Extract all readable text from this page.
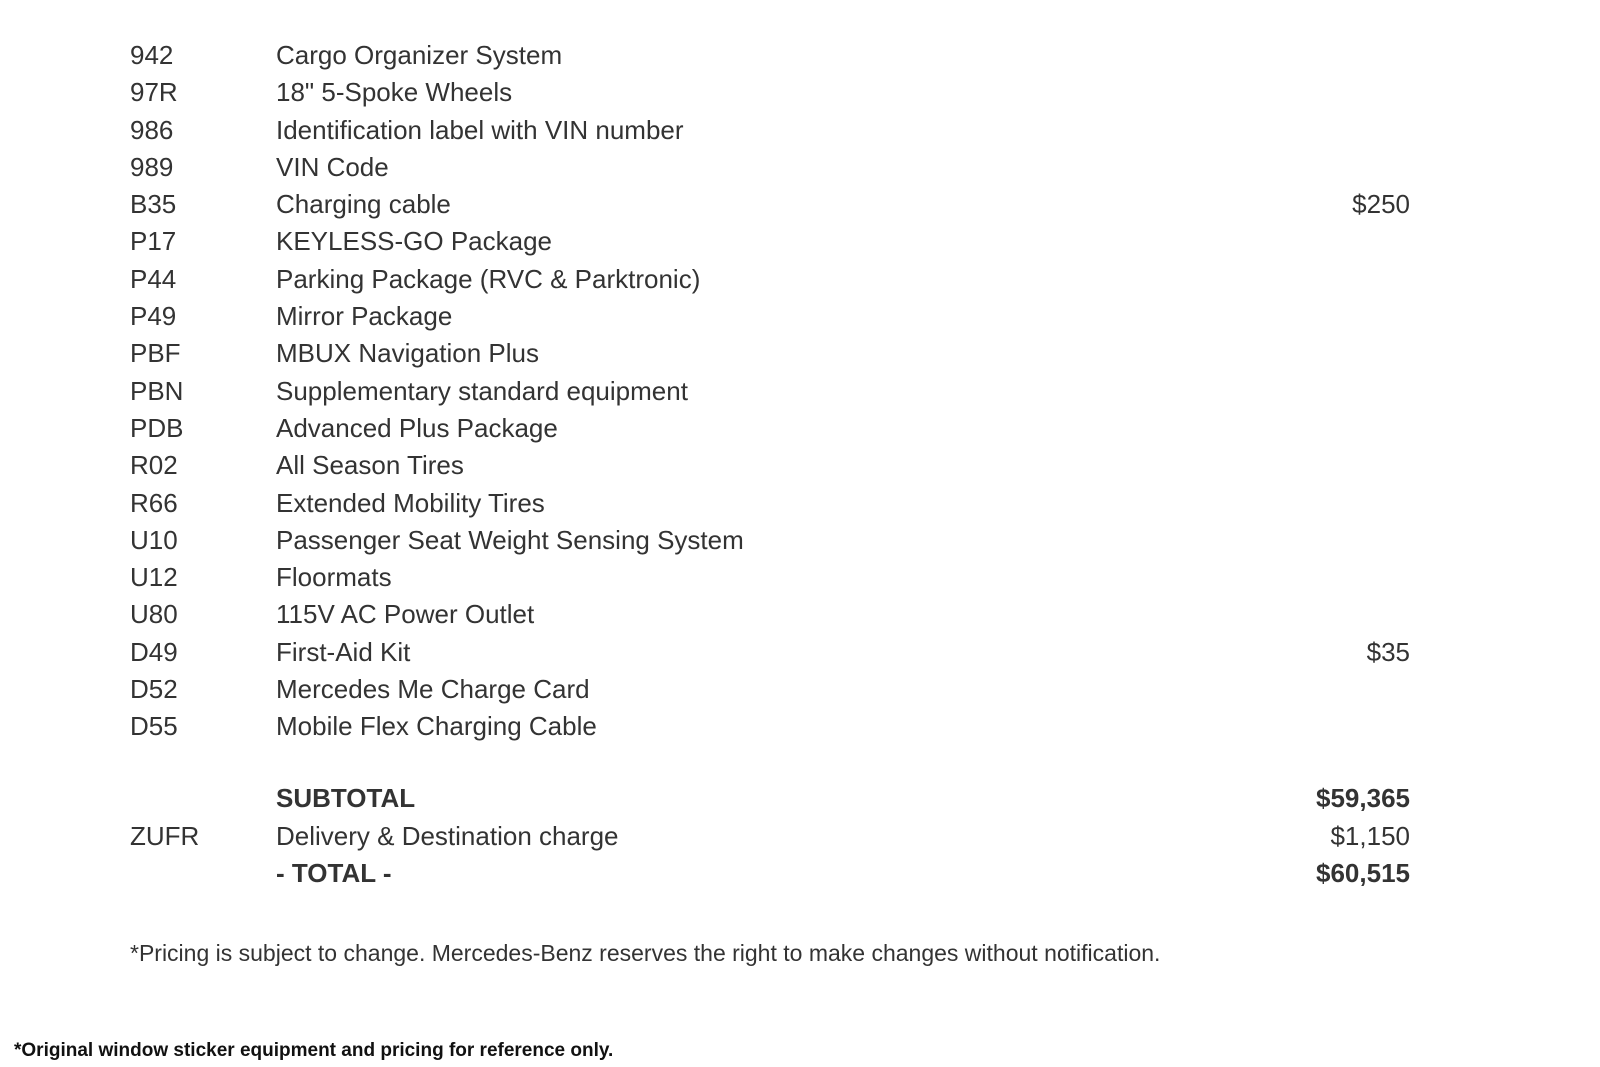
942	Cargo Organizer System
97R	18" 5-Spoke Wheels
986	Identification label with VIN number
989	VIN Code
B35	Charging cable	$250
P17	KEYLESS-GO Package
P44	Parking Package (RVC & Parktronic)
P49	Mirror Package
PBF	MBUX Navigation Plus
PBN	Supplementary standard equipment
PDB	Advanced Plus Package
R02	All Season Tires
R66	Extended Mobility Tires
U10	Passenger Seat Weight Sensing System
U12	Floormats
U80	115V AC Power Outlet
D49	First-Aid Kit	$35
D52	Mercedes Me Charge Card
D55	Mobile Flex Charging Cable
SUBTOTAL	$59,365
ZUFR	Delivery & Destination charge	$1,150
- TOTAL -	$60,515
*Pricing is subject to change. Mercedes-Benz reserves the right to make changes without notification.
*Original window sticker equipment and pricing for reference only.
